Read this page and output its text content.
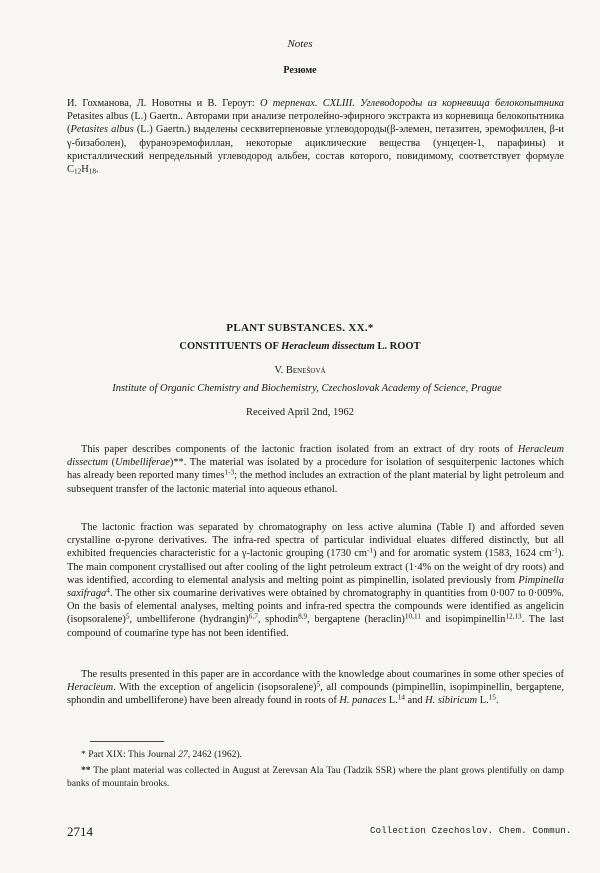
Notes
Резюме

И. Гохманова, Л. Новотны и В. Героут: О терпенах. CXLIII. Углеводороды из корневища белокопытника Petasites albus (L.) Gaertn.. Авторами при анализе петролейно-эфирного экстракта из корневища белокопытника (Petasites albus (L.) Gaertn.) выделены сесквитерпеновые углеводороды(β-элемен, петазитен, эремофиллен, β-и γ-бизаболен), фураноэремофиллан, некоторые ациклические вещества (унцецен-1, парафины) и кристаллический непредельный углеводород альбен, состав которого, повидимому, соответствует формуле $C_{12}H_{18}$.

PLANT SUBSTANCES. XX.*
CONSTITUENTS OF Heracleum dissectum L. ROOT
V. Benešová
Institute of Organic Chemistry and Biochemistry, Czechoslovak Academy of Science, Prague
Received April 2nd, 1962

This paper describes components of the lactonic fraction isolated from an extract of dry roots of Heracleum dissectum (Umbelliferae)**. The material was isolated by a procedure for isolation of sesquiterpenic lactones which has already been reported many times$^{1-3}$; the method includes an extraction of the plant material by light petroleum and subsequent transfer of the lactonic material into aqueous ethanol.

The lactonic fraction was separated by chromatography on less active alumina (Table I) and afforded seven crystalline α-pyrone derivatives. The infra-red spectra of particular individual eluates differed distinctly, but all exhibited frequencies characteristic for a γ-lactonic grouping (1730 $cm^{-1}$) and for aromatic system (1583, 1624 $cm^{-1}$). The main component crystallised out after cooling of the light petroleum extract (1·4% on the weight of dry roots) and was identified, according to elemental analysis and melting point as pimpinellin, isolated previously from Pimpinella saxifraga$^4$. The other six coumarine derivatives were obtained by chromatography in quantities from 0·007 to 0·009%. On the basis of elemental analyses, melting points and infra-red spectra the compounds were identified as angelicin (isopsoralene)$^5$, umbelliferone (hydrangin)$^{6,7}$, sphodin$^{8,9}$, bergaptene (heraclin)$^{10,11}$ and isopimpinellin$^{12,13}$. The last compound of coumarine type has not been identified.

The results presented in this paper are in accordance with the knowledge about coumarines in some other species of Heracleum. With the exception of angelicin (isopsoralene)$^5$, all compounds (pimpinellin, isopimpinellin, bergaptene, sphondin and umbelliferone) have been already found in roots of H. panaces L.$^{14}$ and H. sibiricum L.$^{15}$.

* Part XIX: This Journal 27, 2462 (1962).

** The plant material was collected in August at Zerevsan Ala Tau (Tadzik SSR) where the plant grows plentifully on damp banks of mountain brooks.

2714	Collection Czechoslov. Chem. Commun.
